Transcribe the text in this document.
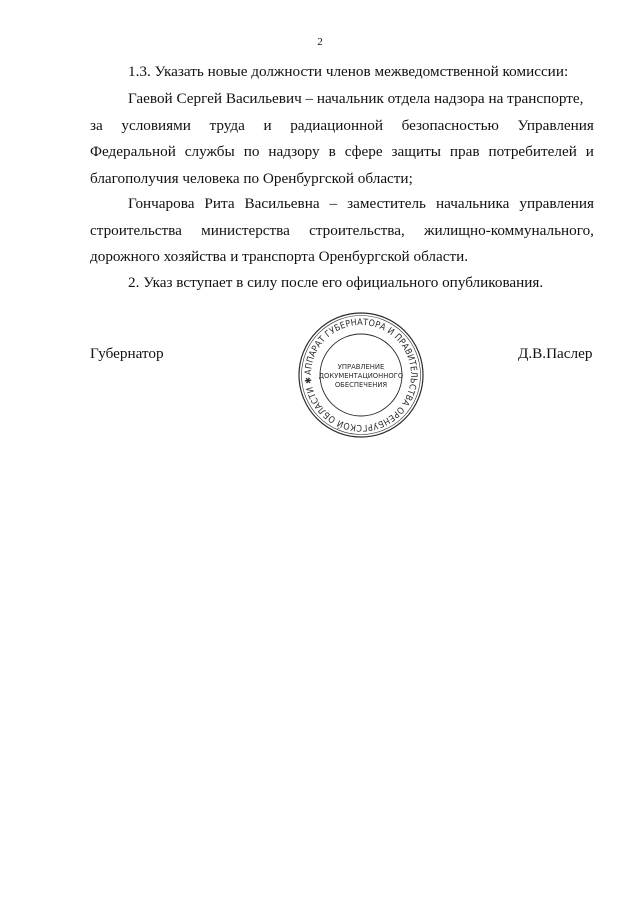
2
1.3. Указать новые должности членов межведомственной комиссии:
Гаевой Сергей Васильевич – начальник отдела надзора на транспорте,
за условиями труда и радиационной безопасностью Управления
Федеральной службы по надзору в сфере защиты прав потребителей и
благополучия человека по Оренбургской области;
Гончарова Рита Васильевна – заместитель начальника управления
строительства министерства строительства, жилищно-коммунального,
дорожного хозяйства и транспорта Оренбургской области.
2. Указ вступает в силу после его официального опубликования.
Губернатор	Д.В.Паслер
АППАРАТ ГУБЕРНАТОРА И ПРАВИТЕЛЬСТВА ОРЕНБУРГСКОЙ ОБЛАСТИ ✱
УПРАВЛЕНИЕ
ДОКУМЕНТАЦИОННОГО
ОБЕСПЕЧЕНИЯ
